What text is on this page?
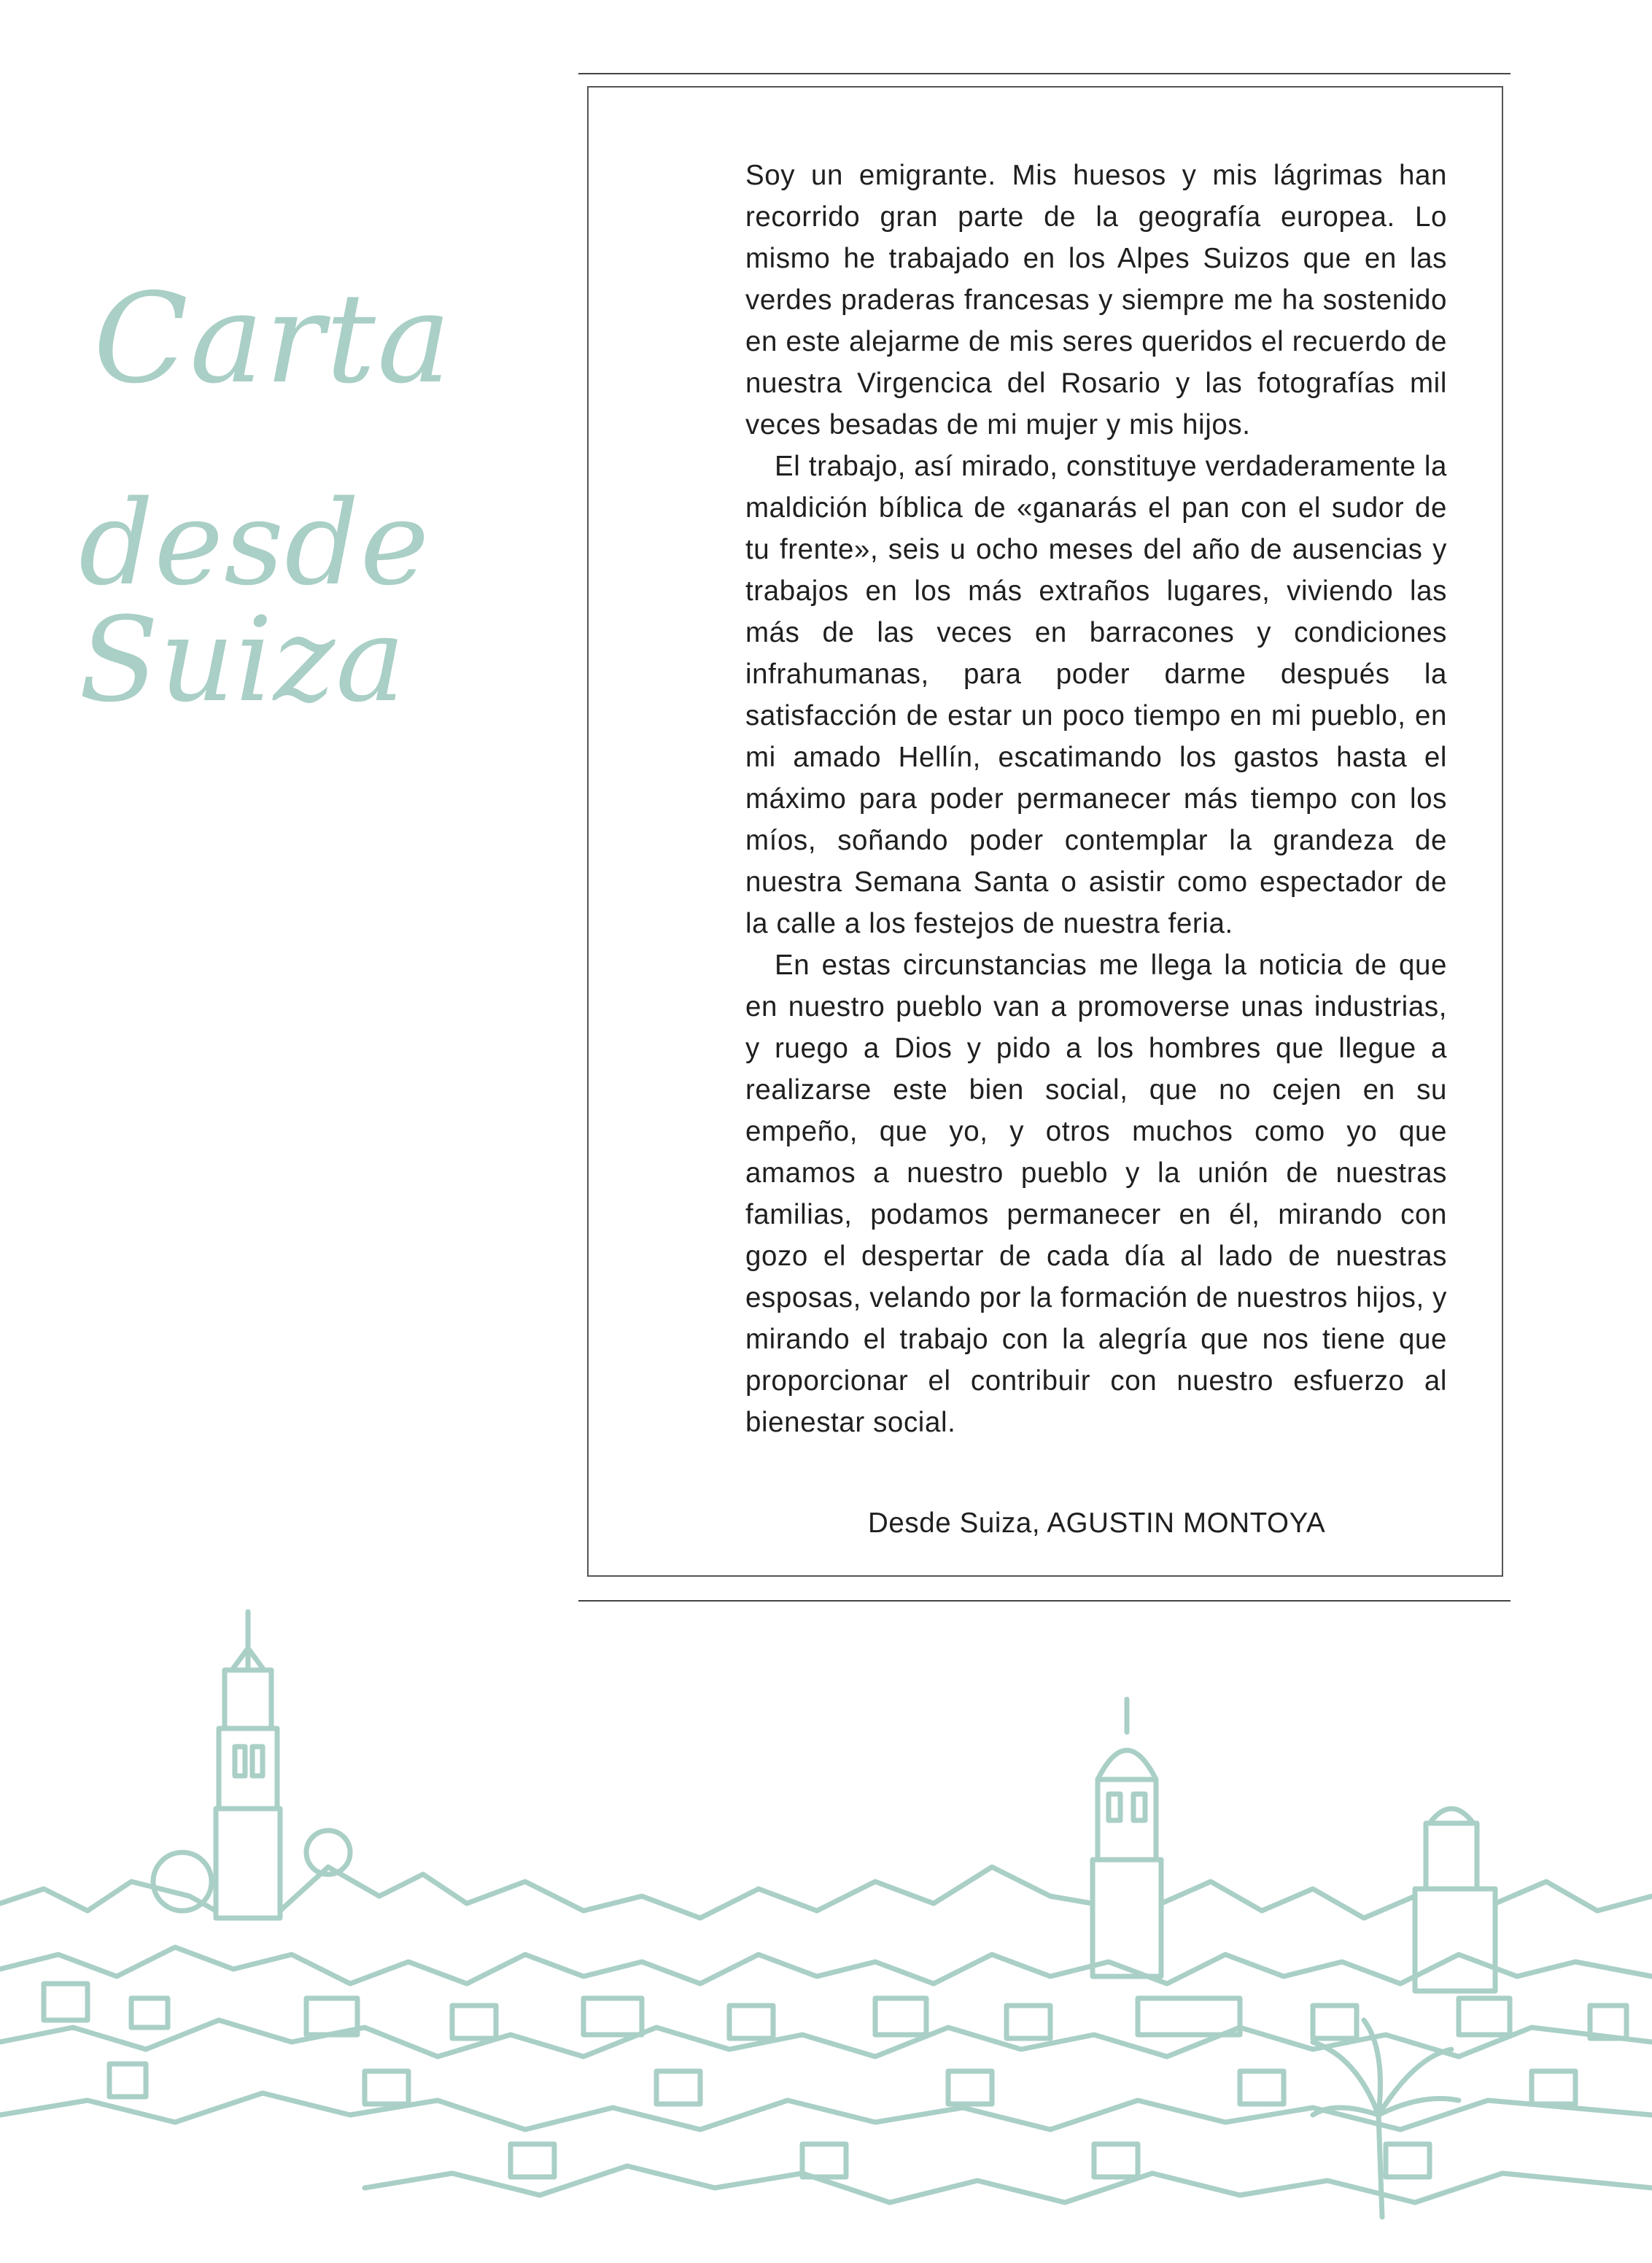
Carta
desde Suiza

Soy un emigrante. Mis huesos y mis lágrimas han recorrido gran parte de la geografía europea. Lo mismo he trabajado en los Alpes Suizos que en las verdes praderas francesas y siempre me ha sostenido en este alejarme de mis seres queridos el recuerdo de nuestra Virgencica del Rosario y las fotografías mil veces besadas de mi mujer y mis hijos.

El trabajo, así mirado, constituye verdaderamente la maldición bíblica de «ganarás el pan con el sudor de tu frente», seis u ocho meses del año de ausencias y trabajos en los más extraños lugares, viviendo las más de las veces en barracones y condiciones infrahumanas, para poder darme después la satisfacción de estar un poco tiempo en mi pueblo, en mi amado Hellín, escatimando los gastos hasta el máximo para poder permanecer más tiempo con los míos, soñando poder contemplar la grandeza de nuestra Semana Santa o asistir como espectador de la calle a los festejos de nuestra feria.

En estas circunstancias me llega la noticia de que en nuestro pueblo van a promoverse unas industrias, y ruego a Dios y pido a los hombres que llegue a realizarse este bien social, que no cejen en su empeño, que yo, y otros muchos como yo que amamos a nuestro pueblo y la unión de nuestras familias, podamos permanecer en él, mirando con gozo el despertar de cada día al lado de nuestras esposas, velando por la formación de nuestros hijos, y mirando el trabajo con la alegría que nos tiene que proporcionar el contribuir con nuestro esfuerzo al bienestar social.

Desde Suiza, AGUSTIN MONTOYA
